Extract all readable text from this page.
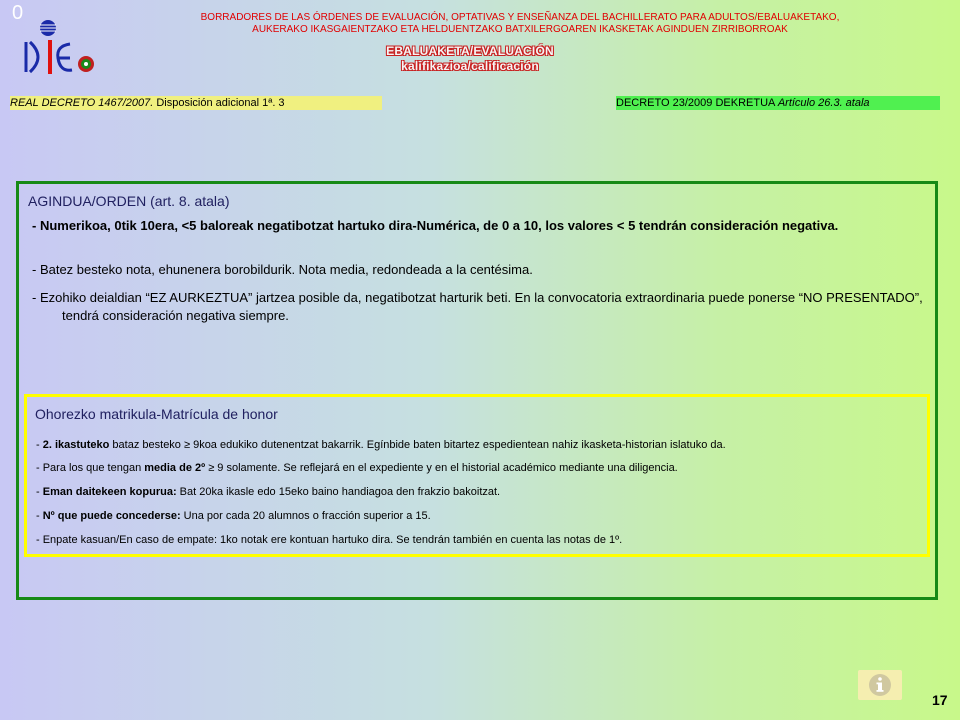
0	BORRADORES DE LAS ÓRDENES DE EVALUACIÓN, OPTATIVAS Y ENSEÑANZA DEL BACHILLERATO PARA ADULTOS/EBALUAKETAKO,
AUKERAKO IKASGAIENTZAKO ETA HELDUENTZAKO BATXILERGOAREN IKASKETAK AGINDUEN ZIRRIBORROAK
EBALUAKETA/EVALUACIÓN
kalifikazioa/calificación
REAL DECRETO 1467/2007. Disposición adicional 1ª. 3	DECRETO 23/2009 DEKRETUA Artículo 26.3. atala
AGINDUA/ORDEN (art. 8. atala)
- Numerikoa, 0tik 10era, <5 baloreak negatibotzat hartuko dira-Numérica, de 0 a 10, los valores < 5 tendrán consideración negativa.
- Batez besteko nota, ehunenera borobildurik. Nota media, redondeada a la centésima.
- Ezohiko deialdian “EZ AURKEZTUA” jartzea posible da, negatibotzat harturik beti. En la convocatoria extraordinaria puede ponerse “NO PRESENTADO”, tendrá consideración negativa siempre.
Ohorezko matrikula-Matrícula de honor
- 2. ikastuteko bataz besteko ≥ 9koa edukiko dutenentzat bakarrik. Egínbide baten bitartez espedientean nahiz ikasketa-historian islatuko da.
- Para los que tengan media de 2º ≥ 9 solamente. Se reflejará en el expediente y en el historial académico mediante una diligencia.
- Eman daitekeen kopurua: Bat 20ka ikasle edo 15eko baino handiagoa den frakzio bakoitzat.
- Nº que puede concederse: Una por cada 20 alumnos o fracción superior a 15.
- Enpate kasuan/En caso de empate: 1ko notak ere kontuan hartuko dira. Se tendrán también en cuenta las notas de 1º.
17
